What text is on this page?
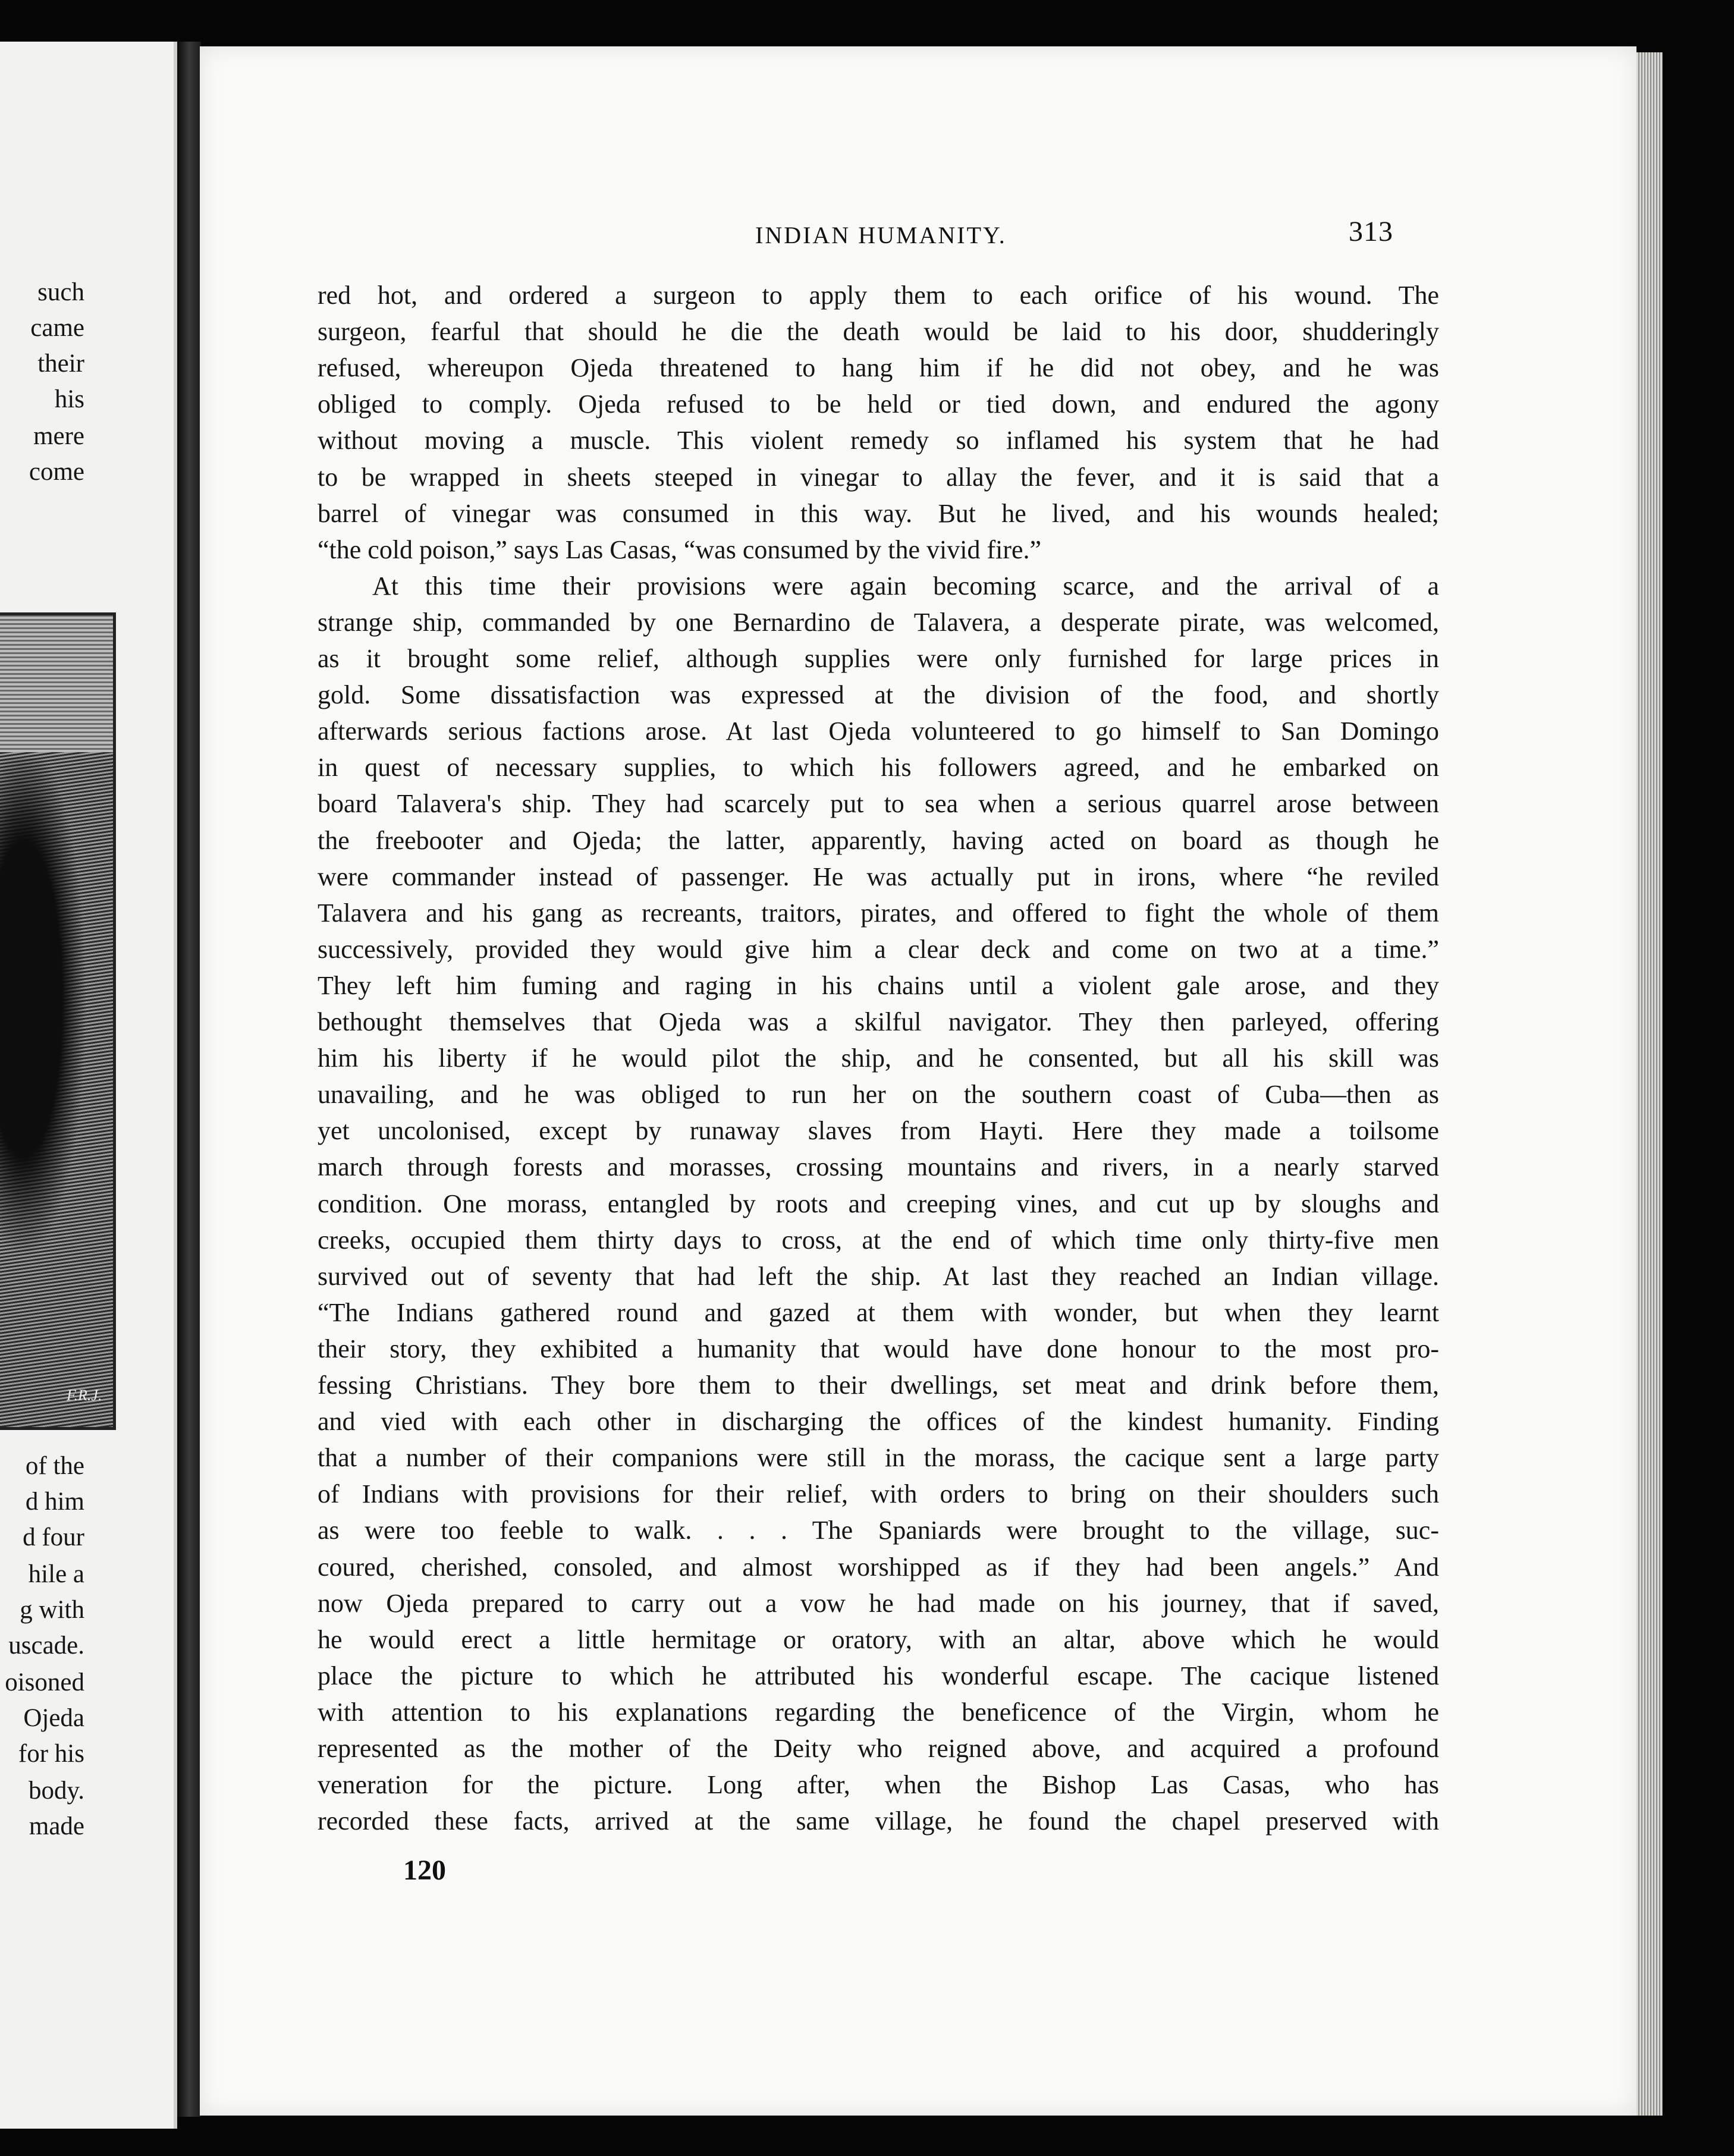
such
came
their
his
mere
come
of the
d him
d four
hile a
g with
uscade.
oisoned
Ojeda
for his
body.
made
F.R.J.
INDIAN HUMANITY.	313
red hot, and ordered a surgeon to apply them to each orifice of his wound. The
surgeon, fearful that should he die the death would be laid to his door, shudderingly
refused, whereupon Ojeda threatened to hang him if he did not obey, and he was
obliged to comply. Ojeda refused to be held or tied down, and endured the agony
without moving a muscle. This violent remedy so inflamed his system that he had
to be wrapped in sheets steeped in vinegar to allay the fever, and it is said that a
barrel of vinegar was consumed in this way. But he lived, and his wounds healed;
“the cold poison,” says Las Casas, “was consumed by the vivid fire.”
At this time their provisions were again becoming scarce, and the arrival of a
strange ship, commanded by one Bernardino de Talavera, a desperate pirate, was welcomed,
as it brought some relief, although supplies were only furnished for large prices in
gold. Some dissatisfaction was expressed at the division of the food, and shortly
afterwards serious factions arose. At last Ojeda volunteered to go himself to San Domingo
in quest of necessary supplies, to which his followers agreed, and he embarked on
board Talavera's ship. They had scarcely put to sea when a serious quarrel arose between
the freebooter and Ojeda; the latter, apparently, having acted on board as though he
were commander instead of passenger. He was actually put in irons, where “he reviled
Talavera and his gang as recreants, traitors, pirates, and offered to fight the whole of them
successively, provided they would give him a clear deck and come on two at a time.”
They left him fuming and raging in his chains until a violent gale arose, and they
bethought themselves that Ojeda was a skilful navigator. They then parleyed, offering
him his liberty if he would pilot the ship, and he consented, but all his skill was
unavailing, and he was obliged to run her on the southern coast of Cuba—then as
yet uncolonised, except by runaway slaves from Hayti. Here they made a toilsome
march through forests and morasses, crossing mountains and rivers, in a nearly starved
condition. One morass, entangled by roots and creeping vines, and cut up by sloughs and
creeks, occupied them thirty days to cross, at the end of which time only thirty-five men
survived out of seventy that had left the ship. At last they reached an Indian village.
“The Indians gathered round and gazed at them with wonder, but when they learnt
their story, they exhibited a humanity that would have done honour to the most pro-
fessing Christians. They bore them to their dwellings, set meat and drink before them,
and vied with each other in discharging the offices of the kindest humanity. Finding
that a number of their companions were still in the morass, the cacique sent a large party
of Indians with provisions for their relief, with orders to bring on their shoulders such
as were too feeble to walk. . . . The Spaniards were brought to the village, suc-
coured, cherished, consoled, and almost worshipped as if they had been angels.” And
now Ojeda prepared to carry out a vow he had made on his journey, that if saved,
he would erect a little hermitage or oratory, with an altar, above which he would
place the picture to which he attributed his wonderful escape. The cacique listened
with attention to his explanations regarding the beneficence of the Virgin, whom he
represented as the mother of the Deity who reigned above, and acquired a profound
veneration for the picture. Long after, when the Bishop Las Casas, who has
recorded these facts, arrived at the same village, he found the chapel preserved with
120
